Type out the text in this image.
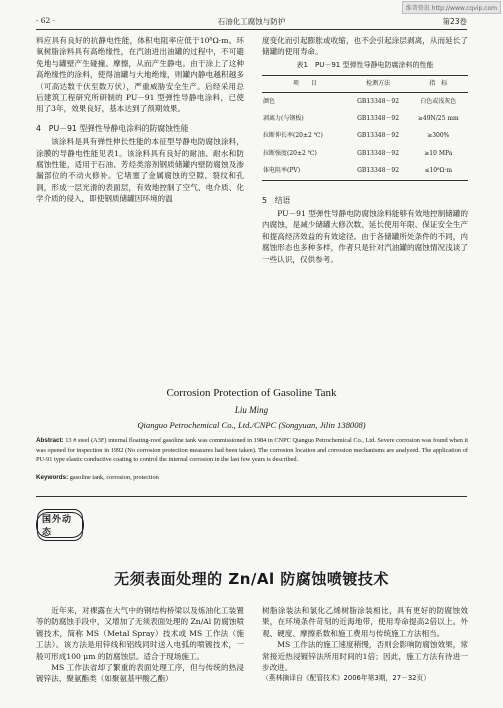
维普资讯 http://www.cqvip.com
· 62 ·	石油化工腐蚀与防护	第23卷

料应具有良好的抗静电性能，体积电阻率应低于10⁸Ω·m。环氧树脂涂料具有高绝缘性，在汽油进出油罐的过程中，不可避免地与罐壁产生碰撞、摩擦，从而产生静电。由于涂上了这种高绝缘性的涂料，使得油罐与大地绝缘，则罐内静电越积越多（可高达数千伏至数万伏），严重威胁安全生产。后经采用总后建筑工程研究所研制的 PU－91 型弹性导静电涂料，已使用了3年，效果良好，基本达到了预期效果。

4　PU－91 型弹性导静电涂料的防腐蚀性能

该涂料是具有弹性伸长性能的本征型导静电防腐蚀涂料，涂膜的导静电性能见表1。该涂料具有良好的耐油、耐水和防腐蚀性能，适用于石油、芳烃类溶剂钢质储罐内壁防腐蚀及渗漏部位的不动火修补。它堵塞了金属腐蚀的空隙、裂纹和孔洞，形成一层光滑的表面层，有效地控制了空气、电介质、化学介质的侵入，即使钢质储罐因环境的温

度变化而引起膨胀或收缩，也不会引起涂层剥离，从而延长了储罐的使用寿命。

表1　PU－91 型弹性导静电防腐涂料的性能
项　　目	检测方法	指　标
颜色	GB13348－92	白色或浅灰色
剥离力(与钢板)	GB13348－92	≥49N/25 mm
拉断伸长率(20±2 ℃)	GB13348－92	≥300%
拉断强度(20±2 ℃)	GB13348－92	≥10 MPa
体电阻率(PV)	GB13348－92	≤10⁸Ω·m
5　结语

PU－91 型弹性导静电防腐蚀涂料能够有效地控制储罐的内腐蚀，是减少储罐大修次数、延长使用年限、保证安全生产和提高经济效益的有效途径。由于各储罐所处条件的不同，内腐蚀形态也多种多样，作者只是针对汽油罐的腐蚀情况浅谈了一些认识，仅供参考。

Corrosion Protection of Gasoline Tank
Liu Ming
Qianguo Petrochemical Co., Ltd./CNPC (Songyuan, Jilin 138008)
Abstract: 13 # steel (A3F) internal floating-roof gasoline tank was commissioned in 1984 in CNPC Qianguo Petrochemical Co., Ltd. Severe corrosion was found when it was opened for inspection in 1992 (No corrosion protection measures had been taken). The corrosion location and corrosion mechanisms are analyzed. The application of PU-91 type elastic conductive coating to control the internal corrosion in the last few years is described.
Keywords: gasoline tank, corrosion, protection
国外动态
无须表面处理的 Zn/Al 防腐蚀喷镀技术

近年来，对裸露在大气中的钢结构桥梁以及炼油化工装置等的防腐蚀手段中，又增加了无须表面处理的 Zn/Al 防腐蚀喷镀技术，简称 MS（Metal Spray）技术或 MS 工作法（施工法）。该方法是用锌线和铝线同时送入电弧的喷镀技术，一般可形成100 μm 的防腐蚀层。适合于现场施工。

MS 工作法省却了繁重的表面处理工序，但与传统的热浸镀锌法、聚氨酯类（如聚氨基甲酸乙酯）

树脂涂装法和氯化乙烯树脂涂装相比，具有更好的防腐蚀效果，在环境条件苛刻的近海地带，使用寿命提高2倍以上。外观、硬度、摩擦系数和施工费用与传统施工方法相当。

MS 工作法的施工速度稍慢，否则会影响防腐蚀效果，常常接近热浸镀锌法所用时间的1倍；因此，施工方法有待进一步改进。

（燕林摘译自《配管技术》2006年第3期，27－32页）
